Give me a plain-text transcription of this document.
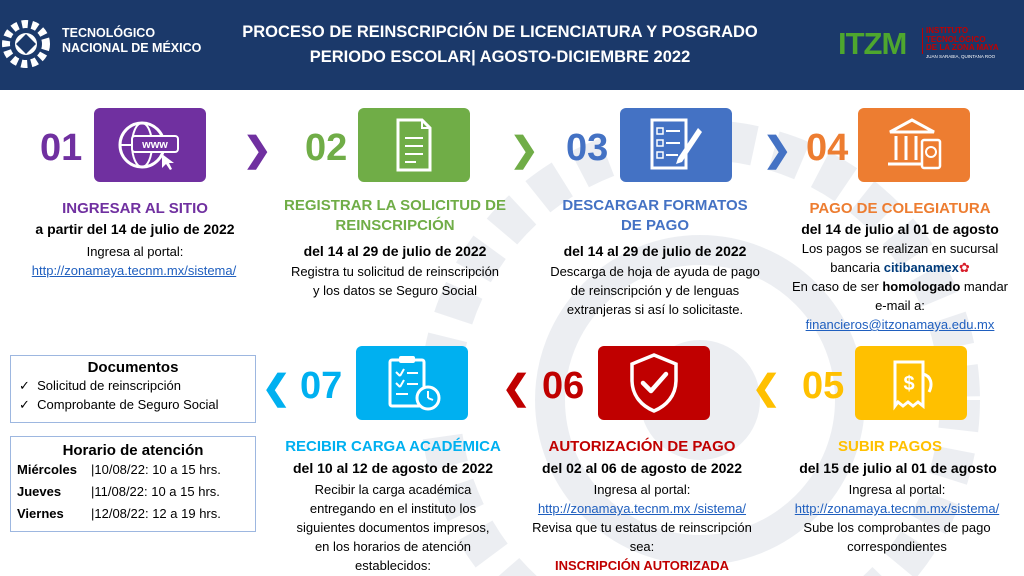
TECNOLÓGICO
NACIONAL DE MÉXICO
PROCESO DE REINSCRIPCIÓN DE LICENCIATURA Y POSGRADO
PERIODO ESCOLAR| AGOSTO-DICIEMBRE 2022	ITZM INSTITUTO
TECNOLÓGICO
DE LA ZONA MAYA
JUAN SARABIA, QUINTANA ROO
01	www ❯
INGRESAR AL SITIO
a partir del 14 de julio de 2022
Ingresa al portal:
http://zonamaya.tecnm.mx/sistema/
02	❯
REGISTRAR LA SOLICITUD DE
REINSCRIPCIÓN
del 14 al 29 de julio de 2022
Registra tu solicitud de reinscripción
y los datos se Seguro Social
03	❯
DESCARGAR FORMATOS
DE PAGO
del 14 al 29 de julio de 2022
Descarga de hoja de ayuda de pago
de reinscripción y de lenguas
extranjeras si así lo solicitaste.
04
PAGO DE COLEGIATURA
del 14 de julio al 01 de agosto
Los pagos se realizan en sucursal
bancaria citibanamex✿
En caso de ser homologado mandar
e-mail a:
financieros@itzonamaya.edu.mx
Documentos
✓ Solicitud de reinscripción
✓ Comprobante de Seguro Social
Horario de atención
Miércoles |10/08/22: 10 a 15 hrs.
Jueves |11/08/22: 10 a 15 hrs.
Viernes |12/08/22: 12 a 19 hrs.
❮ 07
RECIBIR CARGA ACADÉMICA
del 10 al 12 de agosto de 2022
Recibir la carga académica
entregando en el instituto los
siguientes documentos impresos,
en los horarios de atención
establecidos:
❮ 06
AUTORIZACIÓN DE PAGO
del 02 al 06 de agosto de 2022
Ingresa al portal:
http://zonamaya.tecnm.mx /sistema/
Revisa que tu estatus de reinscripción
sea:
INSCRIPCIÓN AUTORIZADA
❮ 05	$
SUBIR PAGOS
del 15 de julio al 01 de agosto
Ingresa al portal:
http://zonamaya.tecnm.mx/sistema/
Sube los comprobantes de pago
correspondientes
